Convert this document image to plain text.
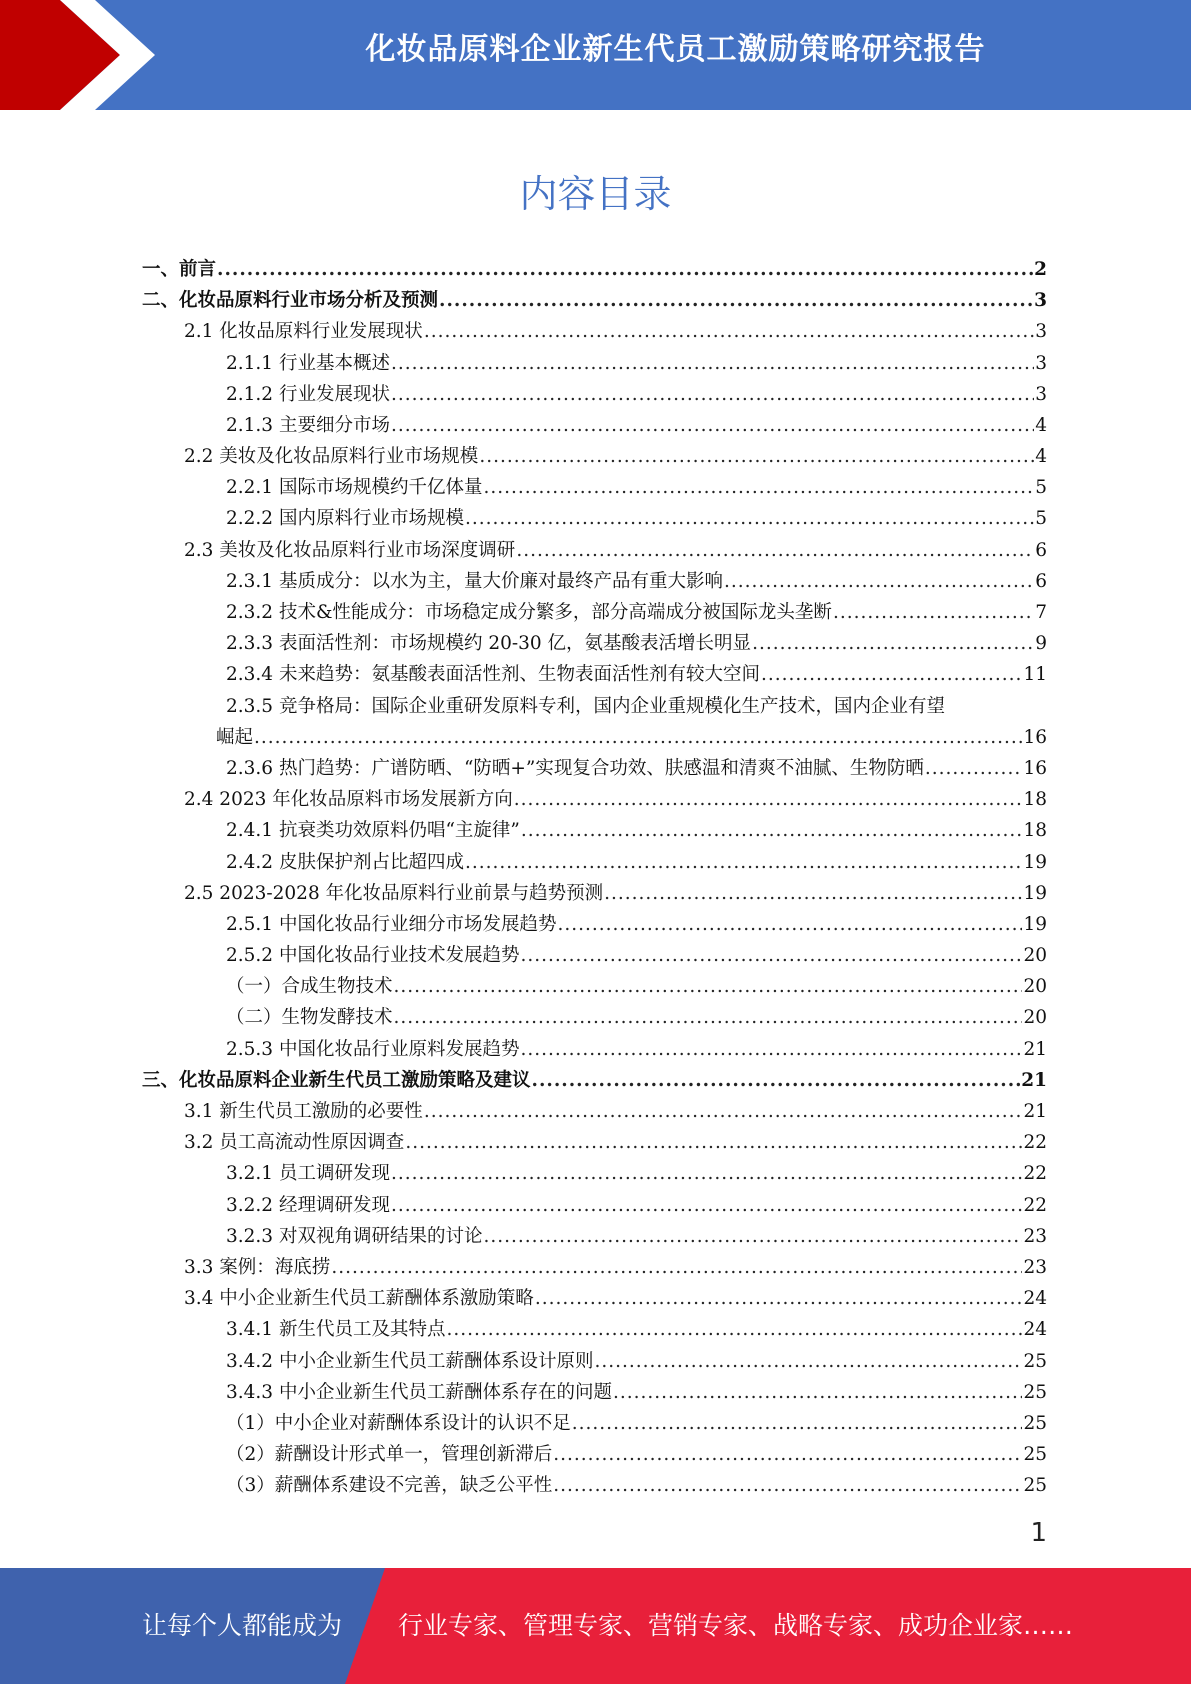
化妆品原料企业新生代员工激励策略研究报告
内容目录
一、前言 .....	2
二、化妆品原料行业市场分析及预测 .....	3
2.1 化妆品原料行业发展现状 .....	3
2.1.1 行业基本概述 .....	3
2.1.2 行业发展现状 .....	3
2.1.3 主要细分市场 .....	4
2.2 美妆及化妆品原料行业市场规模 .....	4
2.2.1 国际市场规模约千亿体量 .....	5
2.2.2 国内原料行业市场规模 .....	5
2.3 美妆及化妆品原料行业市场深度调研 .....	6
2.3.1 基质成分：以水为主，量大价廉对最终产品有重大影响 .....	6
2.3.2 技术&性能成分：市场稳定成分繁多，部分高端成分被国际龙头垄断 .....	7
2.3.3 表面活性剂：市场规模约 20-30 亿，氨基酸表活增长明显 .....	9
2.3.4 未来趋势：氨基酸表面活性剂、生物表面活性剂有较大空间 .....	11
2.3.5 竞争格局：国际企业重研发原料专利，国内企业重规模化生产技术，国内企业有望
崛起 .....	16
2.3.6 热门趋势：广谱防晒、“防晒+”实现复合功效、肤感温和清爽不油腻、生物防晒 .....	16
2.4 2023 年化妆品原料市场发展新方向 .....	18
2.4.1 抗衰类功效原料仍唱“主旋律” .....	18
2.4.2 皮肤保护剂占比超四成 .....	19
2.5 2023-2028 年化妆品原料行业前景与趋势预测 .....	19
2.5.1 中国化妆品行业细分市场发展趋势 .....	19
2.5.2 中国化妆品行业技术发展趋势 .....	20
（一）合成生物技术 .....	20
（二）生物发酵技术 .....	20
2.5.3 中国化妆品行业原料发展趋势 .....	21
三、化妆品原料企业新生代员工激励策略及建议 .....	21
3.1 新生代员工激励的必要性 .....	21
3.2 员工高流动性原因调查 .....	22
3.2.1 员工调研发现 .....	22
3.2.2 经理调研发现 .....	22
3.2.3 对双视角调研结果的讨论 .....	23
3.3 案例：海底捞 .....	23
3.4 中小企业新生代员工薪酬体系激励策略 .....	24
3.4.1 新生代员工及其特点 .....	24
3.4.2 中小企业新生代员工薪酬体系设计原则 .....	25
3.4.3 中小企业新生代员工薪酬体系存在的问题 .....	25
（1）中小企业对薪酬体系设计的认识不足 .....	25
（2）薪酬设计形式单一，管理创新滞后 .....	25
（3）薪酬体系建设不完善，缺乏公平性 .....	25
1
让每个人都能成为 行业专家、管理专家、营销专家、战略专家、成功企业家……
